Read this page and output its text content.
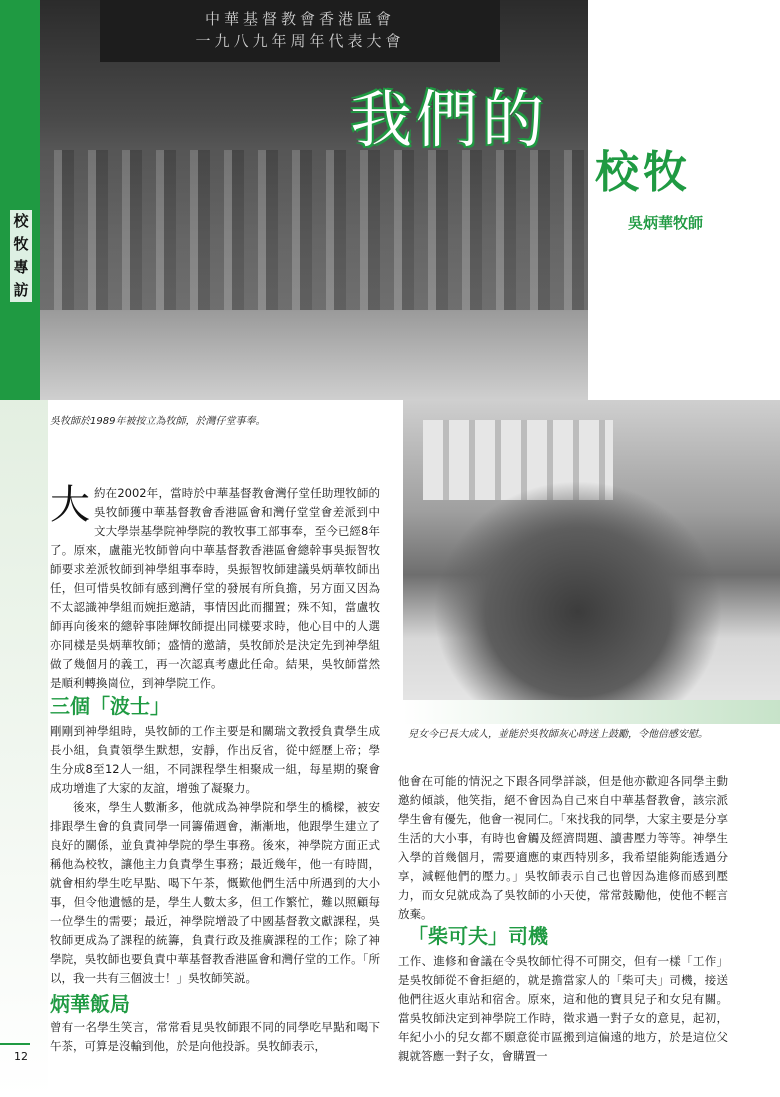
中華基督教會香港區會
一九八九年周年代表大會
校牧專訪
我們的
校牧
吳炳華牧師
吳牧師於1989年被按立為牧師，於灣仔堂事奉。
兒女今已長大成人，並能於吳牧師灰心時送上鼓勵，令他倍感安慰。
大約在2002年，當時於中華基督教會灣仔堂任助理牧師的吳牧師獲中華基督教會香港區會和灣仔堂堂會差派到中文大學崇基學院神學院的教牧事工部事奉，至今已經8年了。原來，盧龍光牧師曾向中華基督教香港區會總幹事吳振智牧師要求差派牧師到神學組事奉時，吳振智牧師建議吳炳華牧師出任，但可惜吳牧師有感到灣仔堂的發展有所負擔，另方面又因為不太認識神學組而婉拒邀請，事情因此而擱置；殊不知，當盧牧師再向後來的總幹事陸輝牧師提出同樣要求時，他心目中的人選亦同樣是吳炳華牧師；盛情的邀請，吳牧師於是決定先到神學組做了幾個月的義工，再一次認真考慮此任命。結果，吳牧師當然是順利轉換崗位，到神學院工作。
三個「波士」

剛剛到神學組時，吳牧師的工作主要是和關瑞文教授負責學生成長小組，負責領學生默想，安靜，作出反省，從中經歷上帝；學生分成8至12人一組，不同課程學生相聚成一組，每星期的聚會成功增進了大家的友誼，增強了凝聚力。

後來，學生人數漸多，他就成為神學院和學生的橋樑，被安排跟學生會的負責同學一同籌備週會，漸漸地，他跟學生建立了良好的關係，並負責神學院的學生事務。後來，神學院方面正式稱他為校牧，讓他主力負責學生事務；最近幾年，他一有時間，就會相約學生吃早點、喝下午茶，慨歎他們生活中所遇到的大小事，但令他遺憾的是，學生人數太多，但工作繁忙，難以照顧每一位學生的需要；最近，神學院增設了中國基督教文獻課程，吳牧師更成為了課程的統籌，負責行政及推廣課程的工作；除了神學院，吳牧師也要負責中華基督教香港區會和灣仔堂的工作。「所以，我一共有三個波士！」吳牧師笑説。

炳華飯局

曾有一名學生笑言，常常看見吳牧師跟不同的同學吃早點和喝下午茶，可算是沒輸到他，於是向他投訴。吳牧師表示，

他會在可能的情況之下跟各同學詳談，但是他亦歡迎各同學主動邀約傾談，他笑指，絕不會因為自己來自中華基督教會，該宗派學生會有優先，他會一視同仁。「來找我的同學，大家主要是分享生活的大小事，有時也會觸及經濟問題、讀書壓力等等。神學生入學的首幾個月，需要適應的東西特別多，我希望能夠能透過分享，減輕他們的壓力。」吳牧師表示自己也曾因為進修而感到壓力，而女兒就成為了吳牧師的小天使，常常鼓勵他，使他不輕言放棄。

「柴可夫」司機

工作、進修和會議在令吳牧師忙得不可開交，但有一樣「工作」是吳牧師從不會拒絕的，就是擔當家人的「柴可夫」司機，接送他們往返火車站和宿舍。原來，這和他的寶貝兒子和女兒有關。當吳牧師決定到神學院工作時，徵求過一對子女的意見，起初，年紀小小的兒女都不願意從市區搬到這偏遠的地方，於是這位父親就答應一對子女，會購置一

12
